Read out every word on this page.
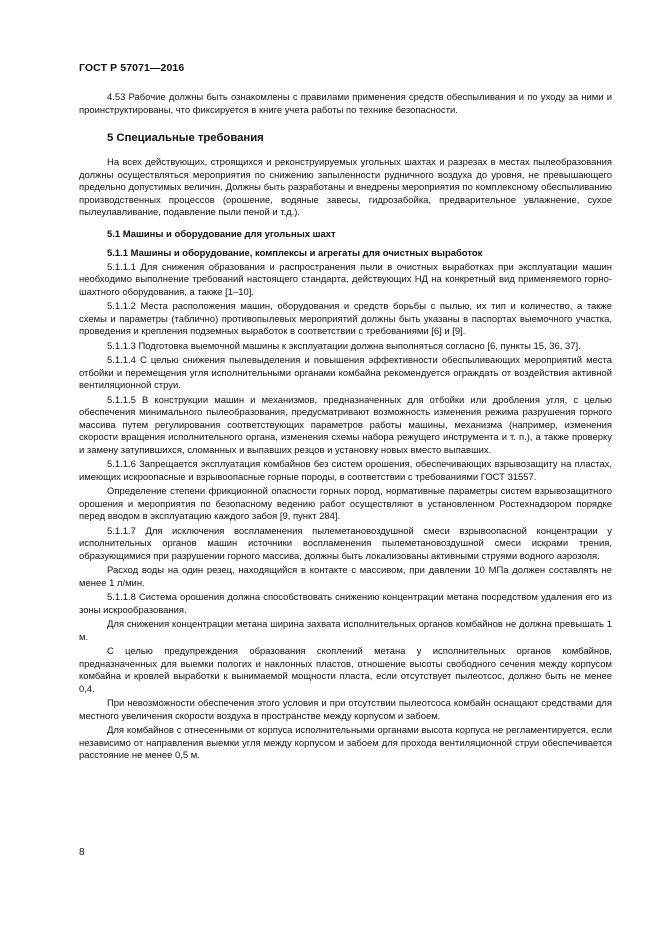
ГОСТ Р 57071—2016

4.53 Рабочие должны быть ознакомлены с правилами применения средств обеспыливания и по уходу за ними и проинструктированы, что фиксируется в книге учета работы по технике безопасности.

5 Специальные требования

На всех действующих, строящихся и реконструируемых угольных шахтах и разрезах в местах пылеобразования должны осуществляться мероприятия по снижению запыленности рудничного воздуха до уровня, не превышающего предельно допустимых величин. Должны быть разработаны и внедрены мероприятия по комплексному обеспыливанию производственных процессов (орошение, водяные завесы, гидрозабойка, предварительное увлажнение, сухое пылеулавливание, подавление пыли пеной и т.д.).

5.1 Машины и оборудование для угольных шахт
5.1.1 Машины и оборудование, комплексы и агрегаты для очистных выработок

5.1.1.1 Для снижения образования и распространения пыли в очистных выработках при эксплуатации машин необходимо выполнение требований настоящего стандарта, действующих НД на конкретный вид применяемого горно-шахтного оборудования, а также [1–10].

5.1.1.2 Места расположения машин, оборудования и средств борьбы с пылью, их тип и количество, а также схемы и параметры (таблично) противопылевых мероприятий должны быть указаны в паспортах выемочного участка, проведения и крепления подземных выработок в соответствии с требованиями [6] и [9].

5.1.1.3 Подготовка выемочной машины к эксплуатации должна выполняться согласно [6, пункты 15, 36, 37].

5.1.1.4 С целью снижения пылевыделения и повышения эффективности обеспыливающих мероприятий места отбойки и перемещения угля исполнительными органами комбайна рекомендуется ограждать от воздействия активной вентиляционной струи.

5.1.1.5 В конструкции машин и механизмов, предназначенных для отбойки или дробления угля, с целью обеспечения минимального пылеобразования, предусматривают возможность изменения режима разрушения горного массива путем регулирования соответствующих параметров работы машины, механизма (например, изменения скорости вращения исполнительного органа, изменения схемы набора режущего инструмента и т. п.), а также проверку и замену затупившихся, сломанных и выпавших резцов и установку новых вместо выпавших.

5.1.1.6 Запрещается эксплуатация комбайнов без систем орошения, обеспечивающих взрывозащиту на пластах, имеющих искроопасные и взрывоопасные горные породы, в соответствии с требованиями ГОСТ 31557.

Определение степени фрикционной опасности горных пород, нормативные параметры систем взрывозащитного орошения и мероприятия по безопасному ведению работ осуществляют в установленном Ростехнадзором порядке перед вводом в эксплуатацию каждого забоя [9, пункт 284].

5.1.1.7 Для исключения воспламенения пылеметановоздушной смеси взрывоопасной концентрации у исполнительных органов машин источники воспламенения пылеметановоздушной смеси искрами трения, образующимися при разрушении горного массива, должны быть локализованы активными струями водного аэрозоля.

Расход воды на один резец, находящийся в контакте с массивом, при давлении 10 МПа должен составлять не менее 1 л/мин.

5.1.1.8 Система орошения должна способствовать снижению концентрации метана посредством удаления его из зоны искрообразования.

Для снижения концентрации метана ширина захвата исполнительных органов комбайнов не должна превышать 1 м.

С целью предупреждения образования скоплений метана у исполнительных органов комбайнов, предназначенных для выемки пологих и наклонных пластов, отношение высоты свободного сечения между корпусом комбайна и кровлей выработки к вынимаемой мощности пласта, если отсутствует пылеотсос, должно быть не менее 0,4.

При невозможности обеспечения этого условия и при отсутствии пылеотсоса комбайн оснащают средствами для местного увеличения скорости воздуха в пространстве между корпусом и забоем.

Для комбайнов с отнесенными от корпуса исполнительными органами высота корпуса не регламентируется, если независимо от направления выемки угля между корпусом и забоем для прохода вентиляционной струи обеспечивается расстояние не менее 0,5 м.

8
